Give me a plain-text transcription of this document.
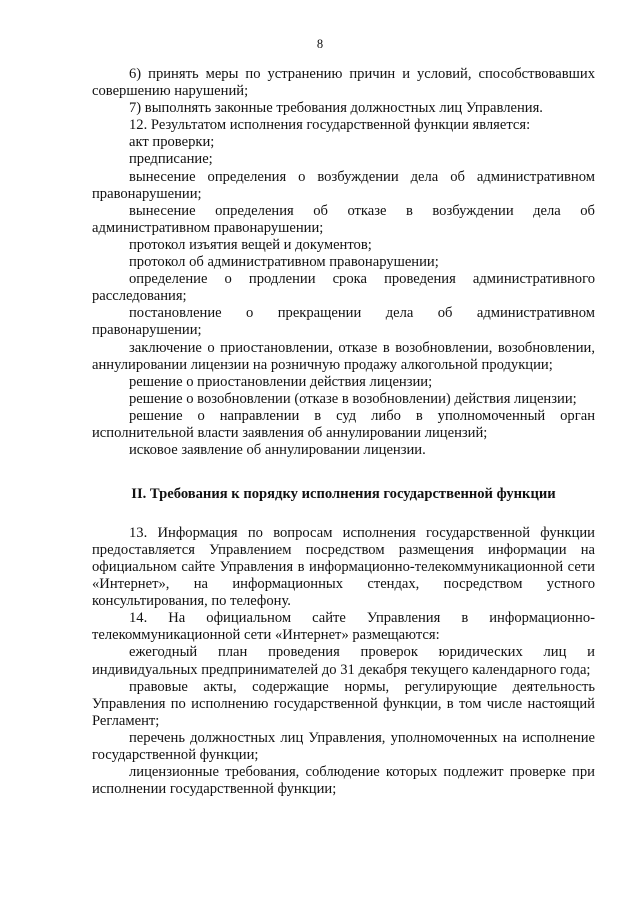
8

6) принять меры по устранению причин и условий, способствовавших совершению нарушений;

7) выполнять законные требования должностных лиц Управления.

12. Результатом исполнения государственной функции является:

акт проверки;

предписание;

вынесение определения о возбуждении дела об административном правонарушении;

вынесение определения об отказе в возбуждении дела об административном правонарушении;

протокол изъятия вещей и документов;

протокол об административном правонарушении;

определение о продлении срока проведения административного расследования;

постановление о прекращении дела об административном правонарушении;

заключение о приостановлении, отказе в возобновлении, возобновлении, аннулировании лицензии на розничную продажу алкогольной продукции;

решение о приостановлении действия лицензии;

решение о возобновлении (отказе в возобновлении) действия лицензии;

решение о направлении в суд либо в уполномоченный орган исполнительной власти заявления об аннулировании лицензий;

исковое заявление об аннулировании лицензии.

II. Требования к порядку исполнения государственной функции

13. Информация по вопросам исполнения государственной функции предоставляется Управлением посредством размещения информации на официальном сайте Управления в информационно-телекоммуникационной сети «Интернет», на информационных стендах, посредством устного консультирования, по телефону.

14. На официальном сайте Управления в информационно-телекоммуникационной сети «Интернет» размещаются:

ежегодный план проведения проверок юридических лиц и индивидуальных предпринимателей до 31 декабря текущего календарного года;

правовые акты, содержащие нормы, регулирующие деятельность Управления по исполнению государственной функции, в том числе настоящий Регламент;

перечень должностных лиц Управления, уполномоченных на исполнение государственной функции;

лицензионные требования, соблюдение которых подлежит проверке при исполнении государственной функции;
